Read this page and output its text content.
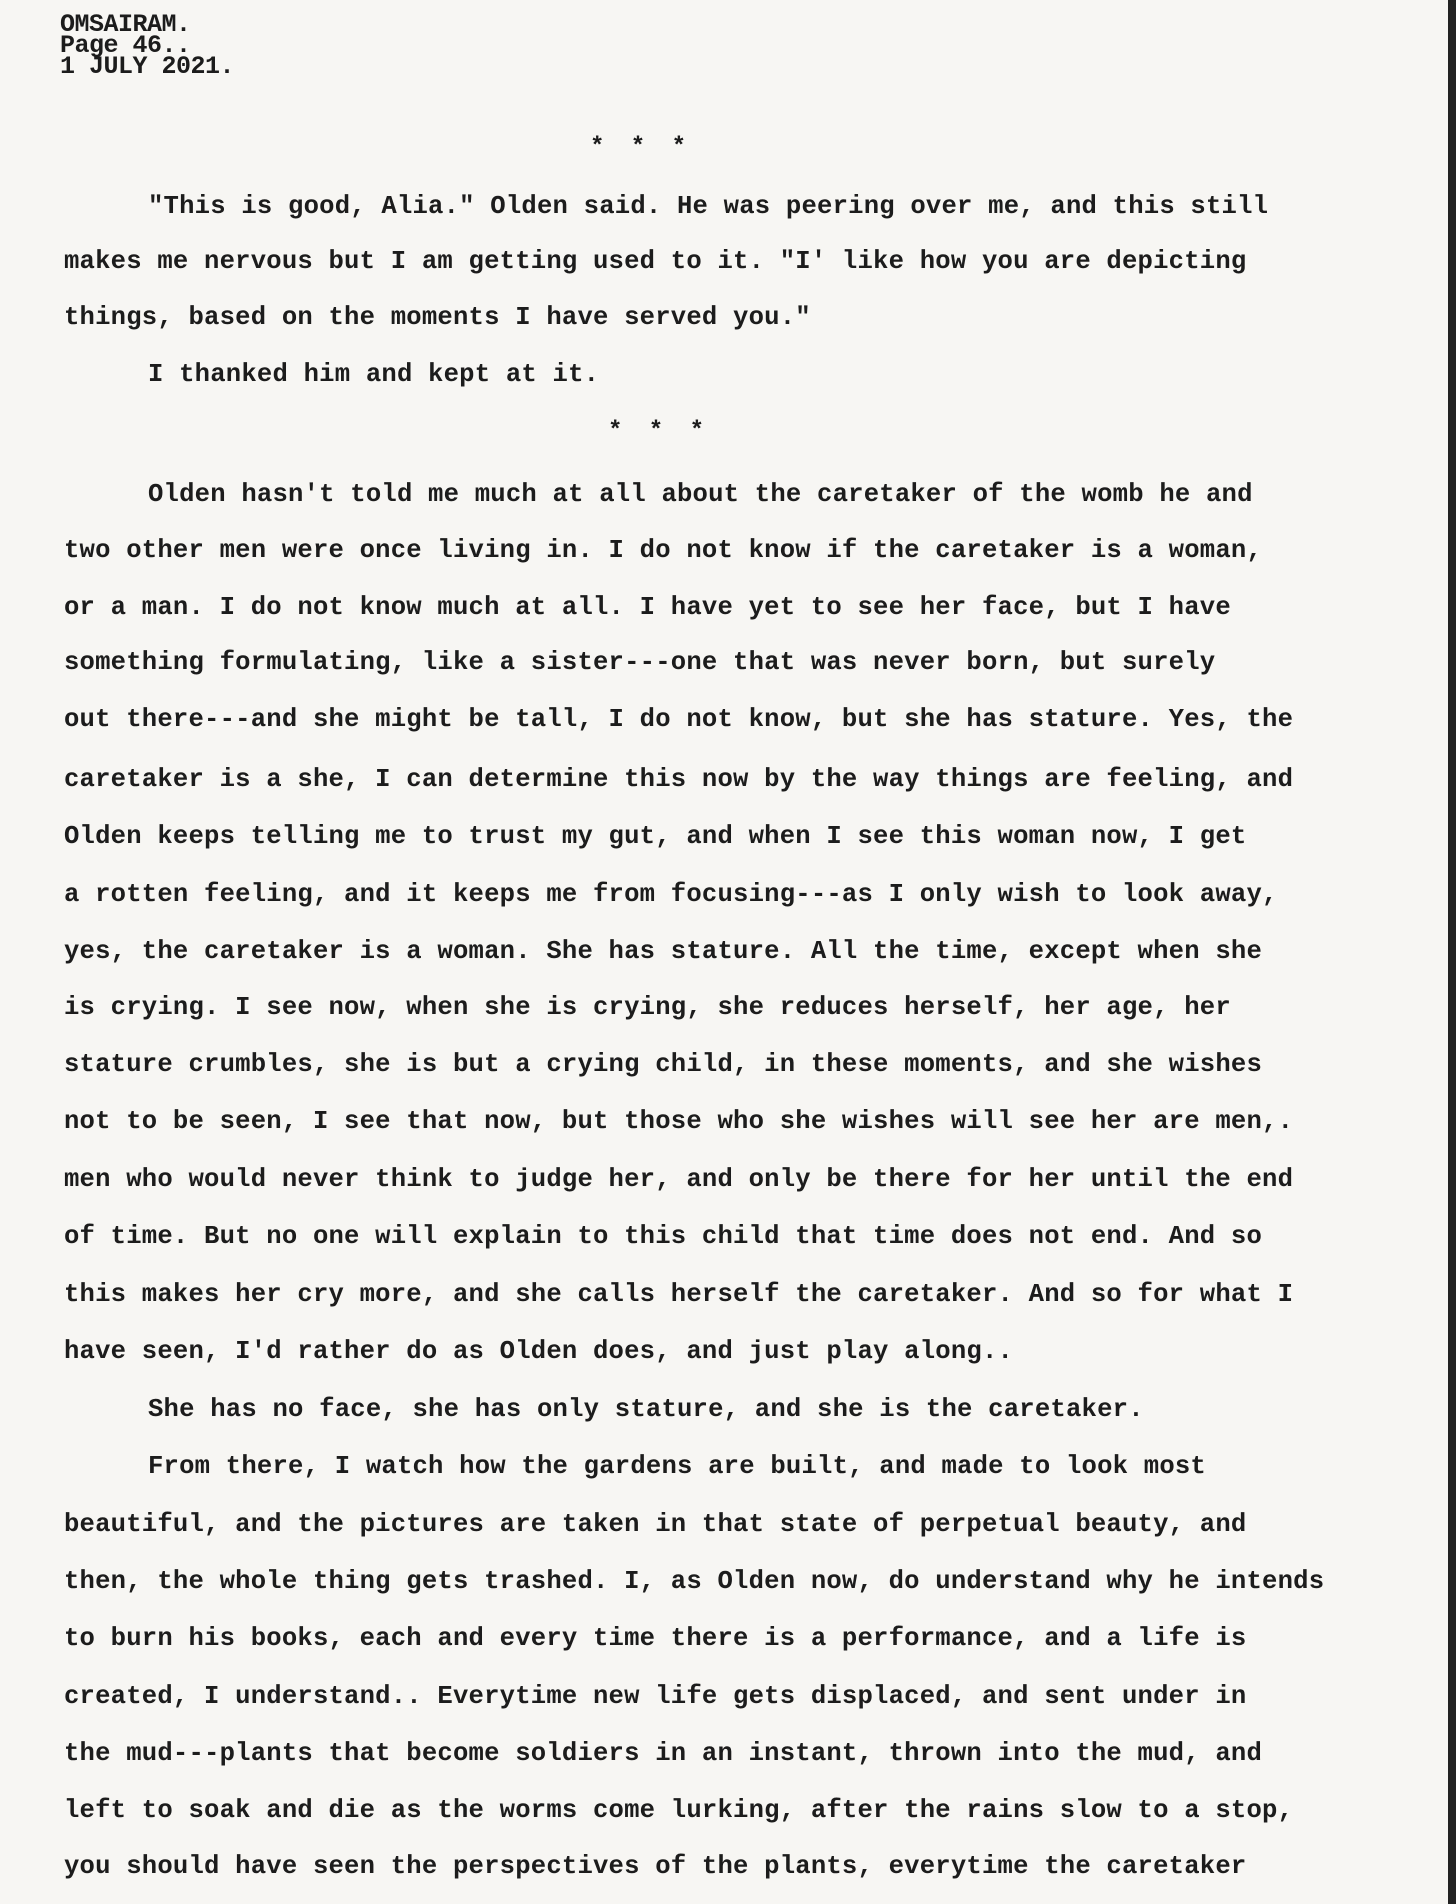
OMSAIRAM.
Page 46..
1 JULY 2021.
* * *
"This is good, Alia." Olden said. He was peering over me, and this still
makes me nervous but I am getting used to it. "I' like how you are depicting
things, based on the moments I have served you."
I thanked him and kept at it.
* * *
Olden hasn't told me much at all about the caretaker of the womb he and
two other men were once living in. I do not know if the caretaker is a woman,
or a man. I do not know much at all. I have yet to see her face, but I have
something formulating, like a sister---one that was never born, but surely
out there---and she might be tall, I do not know, but she has stature. Yes, the
caretaker is a she, I can determine this now by the way things are feeling, and
Olden keeps telling me to trust my gut, and when I see this woman now, I get
a rotten feeling, and it keeps me from focusing---as I only wish to look away,
yes, the caretaker is a woman. She has stature. All the time, except when she
is crying. I see now, when she is crying, she reduces herself, her age, her
stature crumbles, she is but a crying child, in these moments, and she wishes
not to be seen, I see that now, but those who she wishes will see her are men,.
men who would never think to judge her, and only be there for her until the end
of time. But no one will explain to this child that time does not end. And so
this makes her cry more, and she calls herself the caretaker. And so for what I
have seen, I'd rather do as Olden does, and just play along..
She has no face, she has only stature, and she is the caretaker.
From there, I watch how the gardens are built, and made to look most
beautiful, and the pictures are taken in that state of perpetual beauty, and
then, the whole thing gets trashed. I, as Olden now, do understand why he intends
to burn his books, each and every time there is a performance, and a life is
created, I understand.. Everytime new life gets displaced, and sent under in
the mud---plants that become soldiers in an instant, thrown into the mud, and
left to soak and die as the worms come lurking, after the rains slow to a stop,
you should have seen the perspectives of the plants, everytime the caretaker
